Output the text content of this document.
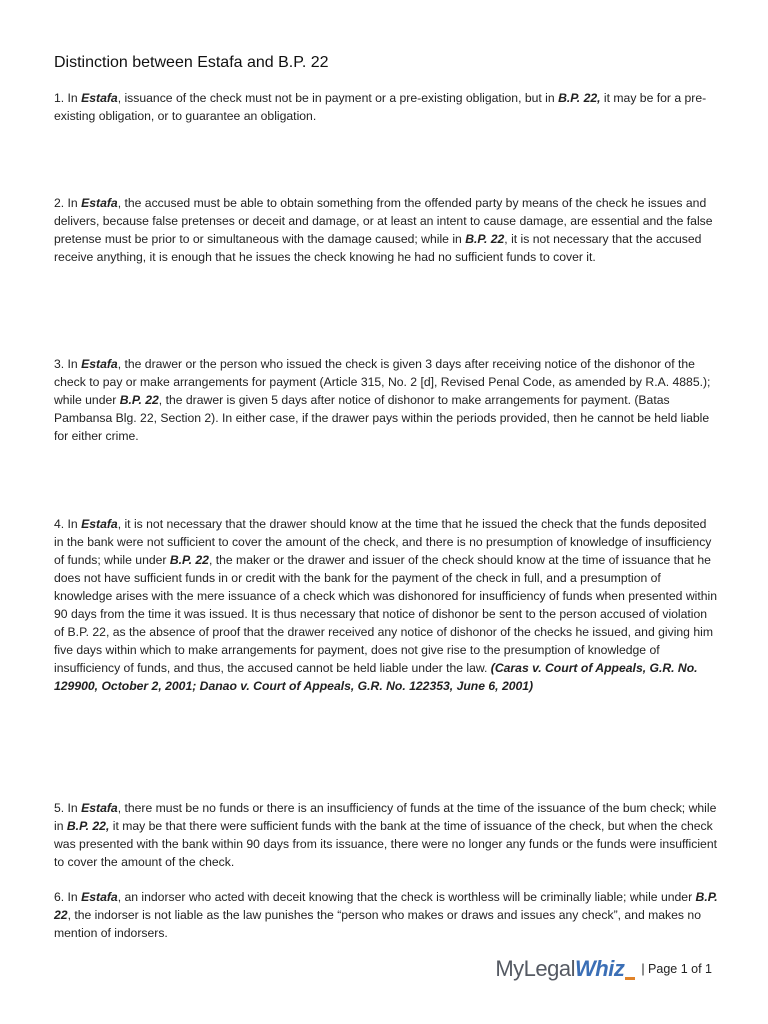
Distinction between Estafa and B.P. 22

1. In Estafa, issuance of the check must not be in payment or a pre-existing obligation, but in B.P. 22, it may be for a pre-existing obligation, or to guarantee an obligation.

2. In Estafa, the accused must be able to obtain something from the offended party by means of the check he issues and delivers, because false pretenses or deceit and damage, or at least an intent to cause damage, are essential and the false pretense must be prior to or simultaneous with the damage caused; while in B.P. 22, it is not necessary that the accused receive anything, it is enough that he issues the check knowing he had no sufficient funds to cover it.

3. In Estafa, the drawer or the person who issued the check is given 3 days after receiving notice of the dishonor of the check to pay or make arrangements for payment (Article 315, No. 2 [d], Revised Penal Code, as amended by R.A. 4885.); while under B.P. 22, the drawer is given 5 days after notice of dishonor to make arrangements for payment. (Batas Pambansa Blg. 22, Section 2). In either case, if the drawer pays within the periods provided, then he cannot be held liable for either crime.

4. In Estafa, it is not necessary that the drawer should know at the time that he issued the check that the funds deposited in the bank were not sufficient to cover the amount of the check, and there is no presumption of knowledge of insufficiency of funds; while under B.P. 22, the maker or the drawer and issuer of the check should know at the time of issuance that he does not have sufficient funds in or credit with the bank for the payment of the check in full, and a presumption of knowledge arises with the mere issuance of a check which was dishonored for insufficiency of funds when presented within 90 days from the time it was issued. It is thus necessary that notice of dishonor be sent to the person accused of violation of B.P. 22, as the absence of proof that the drawer received any notice of dishonor of the checks he issued, and giving him five days within which to make arrangements for payment, does not give rise to the presumption of knowledge of insufficiency of funds, and thus, the accused cannot be held liable under the law. (Caras v. Court of Appeals, G.R. No. 129900, October 2, 2001; Danao v. Court of Appeals, G.R. No. 122353, June 6, 2001)

5. In Estafa, there must be no funds or there is an insufficiency of funds at the time of the issuance of the bum check; while in B.P. 22, it may be that there were sufficient funds with the bank at the time of issuance of the check, but when the check was presented with the bank within 90 days from its issuance, there were no longer any funds or the funds were insufficient to cover the amount of the check.

6. In Estafa, an indorser who acted with deceit knowing that the check is worthless will be criminally liable; while under B.P. 22, the indorser is not liable as the law punishes the “person who makes or draws and issues any check”, and makes no mention of indorsers.

MyLegalWhiz	| Page 1 of 1
